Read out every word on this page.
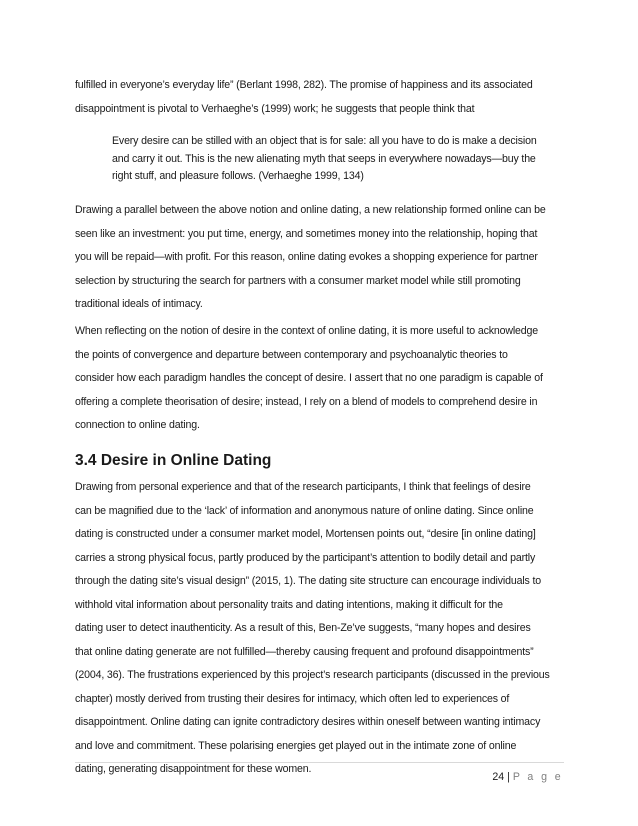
fulfilled in everyone’s everyday life” (Berlant 1998, 282). The promise of happiness and its associated
disappointment is pivotal to Verhaeghe’s (1999) work; he suggests that people think that

Every desire can be stilled with an object that is for sale: all you have to do is make a decision
and carry it out. This is the new alienating myth that seeps in everywhere nowadays—buy the
right stuff, and pleasure follows. (Verhaeghe 1999, 134)

Drawing a parallel between the above notion and online dating, a new relationship formed online can be
seen like an investment: you put time, energy, and sometimes money into the relationship, hoping that
you will be repaid—with profit. For this reason, online dating evokes a shopping experience for partner
selection by structuring the search for partners with a consumer market model while still promoting
traditional ideals of intimacy.

When reflecting on the notion of desire in the context of online dating, it is more useful to acknowledge
the points of convergence and departure between contemporary and psychoanalytic theories to
consider how each paradigm handles the concept of desire. I assert that no one paradigm is capable of
offering a complete theorisation of desire; instead, I rely on a blend of models to comprehend desire in
connection to online dating.

3.4 Desire in Online Dating

Drawing from personal experience and that of the research participants, I think that feelings of desire
can be magnified due to the ‘lack’ of information and anonymous nature of online dating. Since online
dating is constructed under a consumer market model, Mortensen points out, “desire [in online dating]
carries a strong physical focus, partly produced by the participant’s attention to bodily detail and partly
through the dating site’s visual design” (2015, 1). The dating site structure can encourage individuals to
withhold vital information about personality traits and dating intentions, making it difficult for the
dating user to detect inauthenticity. As a result of this, Ben-Ze’ve suggests, “many hopes and desires
that online dating generate are not fulfilled—thereby causing frequent and profound disappointments”
(2004, 36). The frustrations experienced by this project’s research participants (discussed in the previous
chapter) mostly derived from trusting their desires for intimacy, which often led to experiences of
disappointment. Online dating can ignite contradictory desires within oneself between wanting intimacy
and love and commitment. These polarising energies get played out in the intimate zone of online
dating, generating disappointment for these women.

24 | P a g e
